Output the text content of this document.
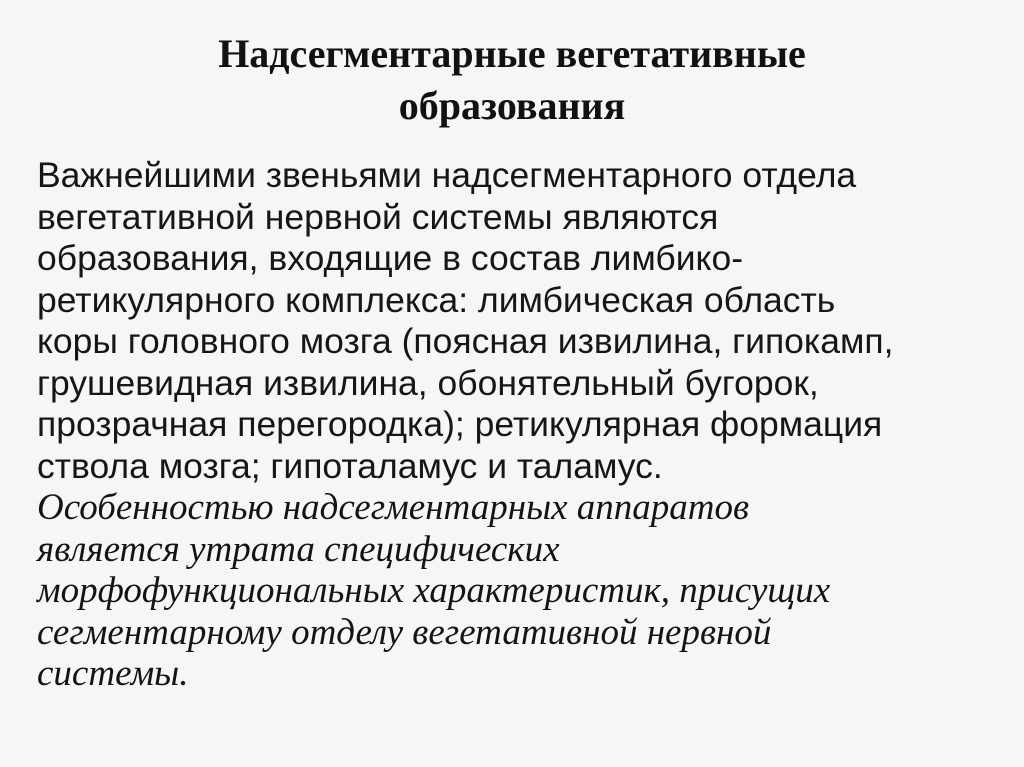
Надсегментарные вегетативные
образования
Важнейшими звеньями надсегментарного отдела
вегетативной нервной системы являются
образования, входящие в состав лимбико-
ретикулярного комплекса: лимбическая область
коры головного мозга (поясная извилина, гипокамп,
грушевидная извилина, обонятельный бугорок,
прозрачная перегородка); ретикулярная формация
ствола мозга; гипоталамус и таламус.
Особенностью надсегментарных аппаратов
является утрата специфических
морфофункциональных характеристик, присущих
сегментарному отделу вегетативной нервной
системы.
